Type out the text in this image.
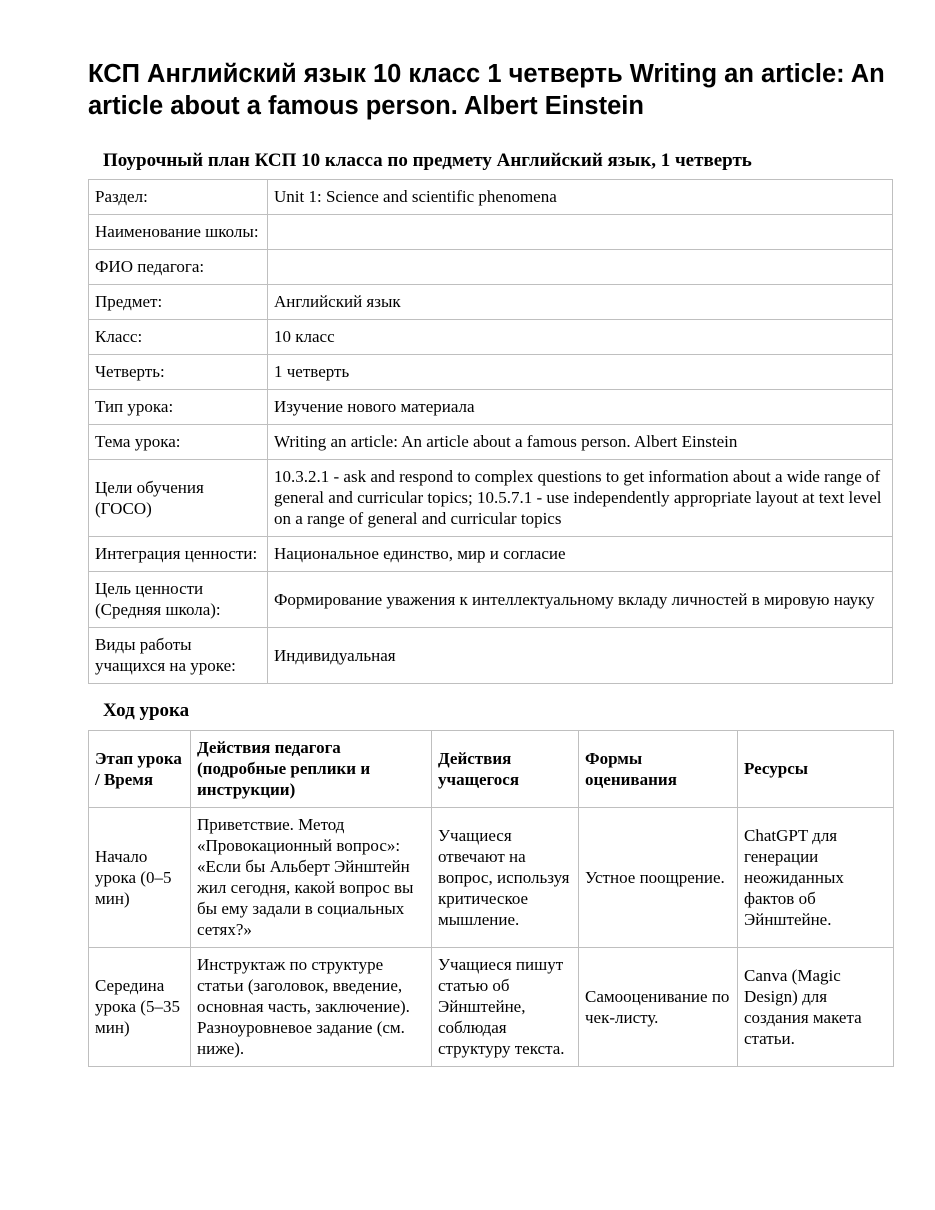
КСП Английский язык 10 класс 1 четверть Writing an article: An article about a famous person. Albert Einstein
Поурочный план КСП 10 класса по предмету Английский язык, 1 четверть
Раздел:	Unit 1: Science and scientific phenomena
Наименование школы:	
ФИО педагога:	
Предмет:	Английский язык
Класс:	10 класс
Четверть:	1 четверть
Тип урока:	Изучение нового материала
Тема урока:	Writing an article: An article about a famous person. Albert Einstein
Цели обучения (ГОСО)	10.3.2.1 - ask and respond to complex questions to get information about a wide range of general and curricular topics; 10.5.7.1 - use independently appropriate layout at text level on a range of general and curricular topics
Интеграция ценности:	Национальное единство, мир и согласие
Цель ценности (Средняя школа):	Формирование уважения к интеллектуальному вкладу личностей в мировую науку
Виды работы учащихся на уроке:	Индивидуальная
Ход урока
Этап урока / Время	Действия педагога (подробные реплики и инструкции)	Действия учащегося	Формы оценивания	Ресурсы
Начало урока (0–5 мин)	Приветствие. Метод «Провокационный вопрос»: «Если бы Альберт Эйнштейн жил сегодня, какой вопрос вы бы ему задали в социальных сетях?»	Учащиеся отвечают на вопрос, используя критическое мышление.	Устное поощрение.	ChatGPT для генерации неожиданных фактов об Эйнштейне.
Середина урока (5–35 мин)	Инструктаж по структуре статьи (заголовок, введение, основная часть, заключение). Разноуровневое задание (см. ниже).	Учащиеся пишут статью об Эйнштейне, соблюдая структуру текста.	Самооценивание по чек-листу.	Canva (Magic Design) для создания макета статьи.
